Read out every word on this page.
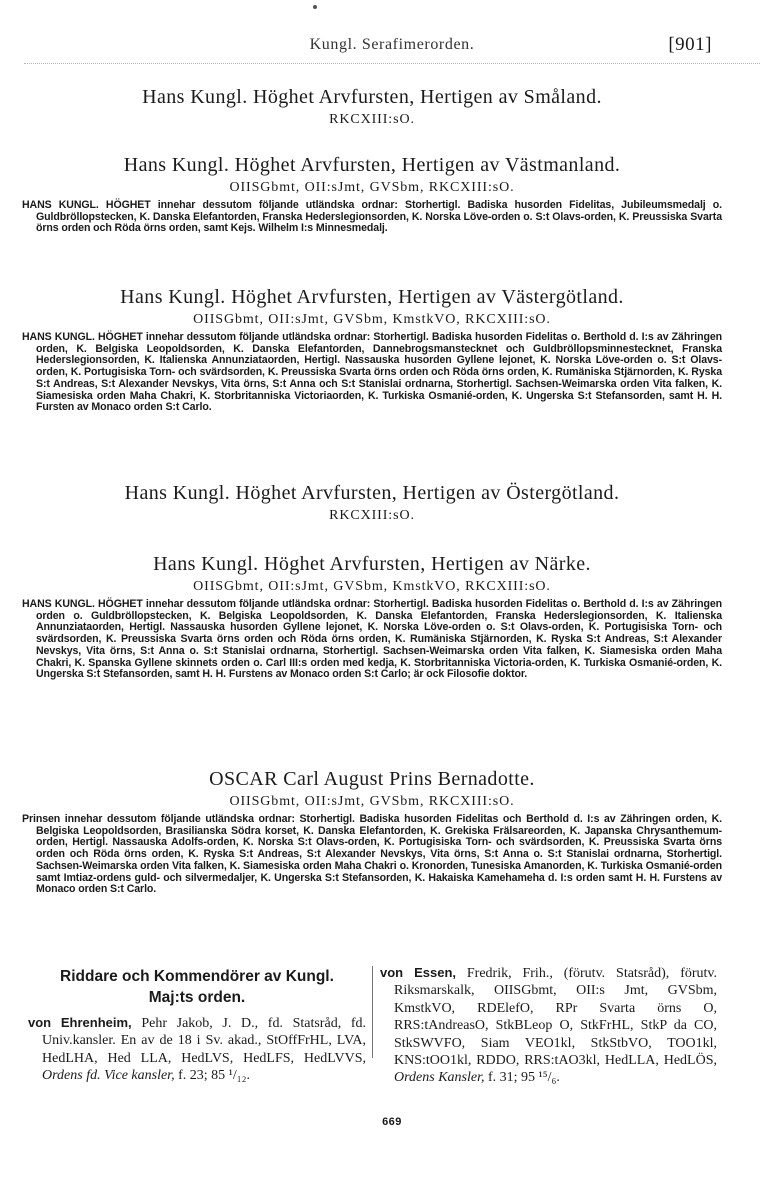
Kungl. Serafimerorden.	[901]
Hans Kungl. Höghet Arvfursten, Hertigen av Småland.
RKCXIII:sO.
Hans Kungl. Höghet Arvfursten, Hertigen av Västmanland.
OIISGbmt, OII:sJmt, GVSbm, RKCXIII:sO.
HANS KUNGL. HÖGHET innehar dessutom följande utländska ordnar: Storhertigl. Badiska husorden Fidelitas, Jubileumsmedalj o. Guldbröllopstecken, K. Danska Elefantorden, Franska Hederslegionsorden, K. Norska Löve-orden o. S:t Olavs-orden, K. Preussiska Svarta örns orden och Röda örns orden, samt Kejs. Wilhelm I:s Minnesmedalj.
Hans Kungl. Höghet Arvfursten, Hertigen av Västergötland.
OIISGbmt, OII:sJmt, GVSbm, KmstkVO, RKCXIII:sO.
HANS KUNGL. HÖGHET innehar dessutom följande utländska ordnar: Storhertigl. Badiska husorden Fidelitas o. Berthold d. I:s av Zähringen orden, K. Belgiska Leopoldsorden, K. Danska Elefantorden, Dannebrogsmanstecknet och Guldbröllopsminnestecknet, Franska Hederslegionsorden, K. Italienska Annunziataorden, Hertigl. Nassauska husorden Gyllene lejonet, K. Norska Löve-orden o. S:t Olavs-orden, K. Portugisiska Torn- och svärdsorden, K. Preussiska Svarta örns orden och Röda örns orden, K. Rumäniska Stjärnorden, K. Ryska S:t Andreas, S:t Alexander Nevskys, Vita örns, S:t Anna och S:t Stanislai ordnarna, Storhertigl. Sachsen-Weimarska orden Vita falken, K. Siamesiska orden Maha Chakri, K. Storbritanniska Victoriaorden, K. Turkiska Osmanié-orden, K. Ungerska S:t Stefansorden, samt H. H. Fursten av Monaco orden S:t Carlo.
Hans Kungl. Höghet Arvfursten, Hertigen av Östergötland.
RKCXIII:sO.
Hans Kungl. Höghet Arvfursten, Hertigen av Närke.
OIISGbmt, OII:sJmt, GVSbm, KmstkVO, RKCXIII:sO.
HANS KUNGL. HÖGHET innehar dessutom följande utländska ordnar: Storhertigl. Badiska husorden Fidelitas o. Berthold d. I:s av Zähringen orden o. Guldbröllopstecken, K. Belgiska Leopoldsorden, K. Danska Elefantorden, Franska Hederslegionsorden, K. Italienska Annunziataorden, Hertigl. Nassauska husorden Gyllene lejonet, K. Norska Löve-orden o. S:t Olavs-orden, K. Portugisiska Torn- och svärdsorden, K. Preussiska Svarta örns orden och Röda örns orden, K. Rumäniska Stjärnorden, K. Ryska S:t Andreas, S:t Alexander Nevskys, Vita örns, S:t Anna o. S:t Stanislai ordnarna, Storhertigl. Sachsen-Weimarska orden Vita falken, K. Siamesiska orden Maha Chakri, K. Spanska Gyllene skinnets orden o. Carl III:s orden med kedja, K. Storbritanniska Victoria-orden, K. Turkiska Osmanié-orden, K. Ungerska S:t Stefansorden, samt H. H. Furstens av Monaco orden S:t Carlo; är ock Filosofie doktor.
OSCAR Carl August Prins Bernadotte.
OIISGbmt, OII:sJmt, GVSbm, RKCXIII:sO.
Prinsen innehar dessutom följande utländska ordnar: Storhertigl. Badiska husorden Fidelitas och Berthold d. I:s av Zähringen orden, K. Belgiska Leopoldsorden, Brasilianska Södra korset, K. Danska Elefantorden, K. Grekiska Frälsareorden, K. Japanska Chrysanthemum-orden, Hertigl. Nassauska Adolfs-orden, K. Norska S:t Olavs-orden, K. Portugisiska Torn- och svärdsorden, K. Preussiska Svarta örns orden och Röda örns orden, K. Ryska S:t Andreas, S:t Alexander Nevskys, Vita örns, S:t Anna o. S:t Stanislai ordnarna, Storhertigl. Sachsen-Weimarska orden Vita falken, K. Siamesiska orden Maha Chakri o. Kronorden, Tunesiska Amanorden, K. Turkiska Osmanié-orden samt Imtiaz-ordens guld- och silvermedaljer, K. Ungerska S:t Stefansorden, K. Hakaiska Kamehameha d. I:s orden samt H. H. Furstens av Monaco orden S:t Carlo.
Riddare och Kommendörer av Kungl.
Maj:ts orden.
von Ehrenheim, Pehr Jakob, J. D., fd. Statsråd, fd. Univ.kansler. En av de 18 i Sv. akad., StOffFrHL, LVA, HedLHA, Hed LLA, HedLVS, HedLFS, HedLVVS, Ordens fd. Vice kansler, f. 23; 85 ¹/₁₂.
von Essen, Fredrik, Frih., (förutv. Statsråd), förutv. Riksmarskalk, OIISGbmt, OII:s Jmt, GVSbm, KmstkVO, RDElefO, RPr Svarta örns O, RRS:tAndreasO, StkBLeop O, StkFrHL, StkP da CO, StkSWVFO, Siam VEO1kl, StkStbVO, TOO1kl, KNS:tOO1kl, RDDO, RRS:tAO3kl, HedLLA, HedLÖS, Ordens Kansler, f. 31; 95 ¹⁵/₆.
669
